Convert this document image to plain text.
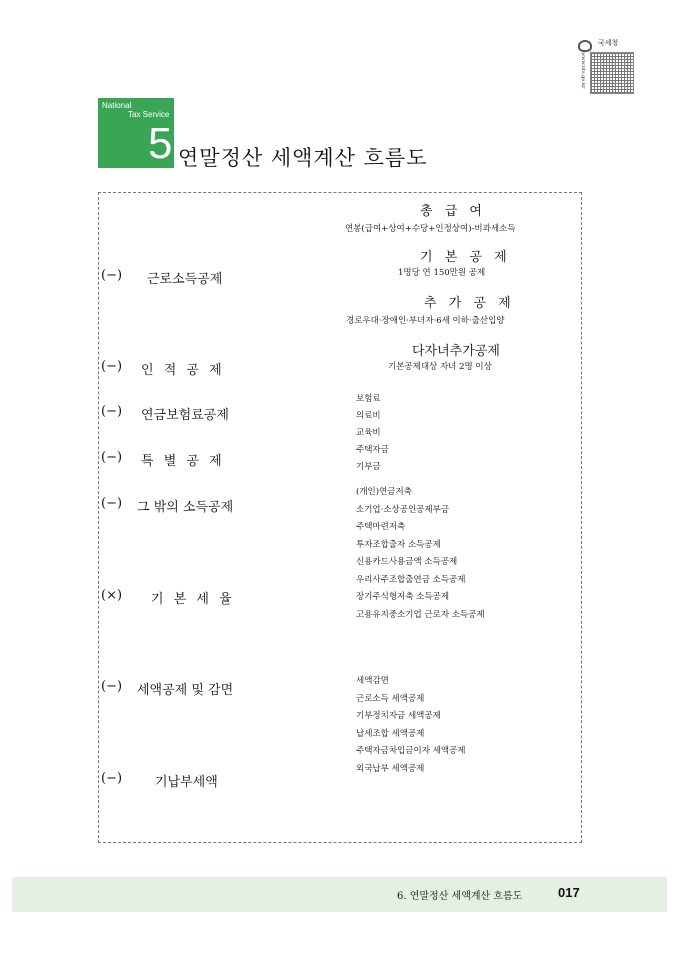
국세청
www.nts.go.kr
National
Tax Service
5 연말정산 세액계산 흐름도
총 급 여
연봉(급여+상여+수당+인정상여)-비과세소득
(−) 근로소득공제
(−) 인 적 공 제
(−) 연금보험료공제
(−) 특 별 공 제
(−) 그 밖의 소득공제
(×) 기 본 세 율
(−) 세액공제 및 감면
(−)	기납부세액
기 본 공 제
1명당 연 150만원 공제
추 가 공 제
경로우대·장애인·부녀자·6세 이하·출산입양
다자녀추가공제
기본공제대상 자녀 2명 이상
보험료
의료비
교육비
주택자금
기부금
(개인)연금저축
소기업·소상공인공제부금
주택마련저축
투자조합출자 소득공제
신용카드사용금액 소득공제
우리사주조합출연금 소득공제
장기주식형저축 소득공제
고용유지중소기업 근로자 소득공제
세액감면
근로소득 세액공제
기부정치자금 세액공제
납세조합 세액공제
주택자금차입금이자 세액공제
외국납부 세액공제
6. 연말정산 세액계산 흐름도	017
